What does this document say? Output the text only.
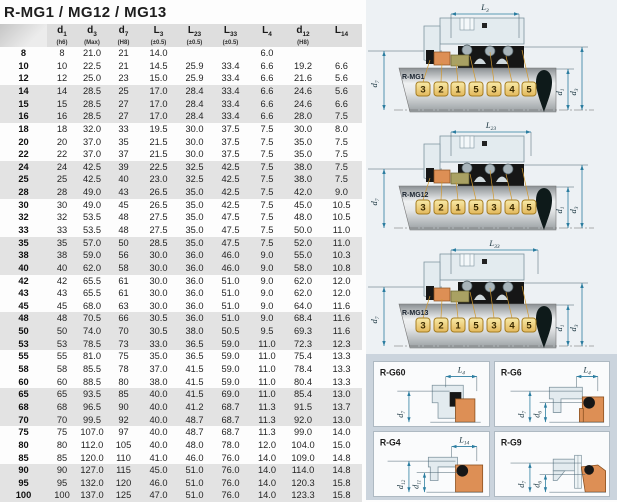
R-MG1 / MG12 / MG13

$d_1$
(h6)

$d_3$
(Max)

$d_7$
(H8)

$L_3$
(±0.5)

$L_{23}$
(±0.5)

$L_{33}$
(±0.5)

$L_4$	$d_{12}$
(H8)

$L_{14}$

8	8	21.0	21	14.0			6.0		
10	10	22.5	21	14.5	25.9	33.4	6.6	19.2	6.6
12	12	25.0	23	15.0	25.9	33.4	6.6	21.6	5.6
14	14	28.5	25	17.0	28.4	33.4	6.6	24.6	5.6
15	15	28.5	27	17.0	28.4	33.4	6.6	24.6	6.6
16	16	28.5	27	17.0	28.4	33.4	6.6	28.0	7.5
18	18	32.0	33	19.5	30.0	37.5	7.5	30.0	8.0
20	20	37.0	35	21.5	30.0	37.5	7.5	35.0	7.5
22	22	37.0	37	21.5	30.0	37.5	7.5	35.0	7.5
24	24	42.5	39	22.5	32.5	42.5	7.5	38.0	7.5
25	25	42.5	40	23.0	32.5	42.5	7.5	38.0	7.5
28	28	49.0	43	26.5	35.0	42.5	7.5	42.0	9.0
30	30	49.0	45	26.5	35.0	42.5	7.5	45.0	10.5
32	32	53.5	48	27.5	35.0	47.5	7.5	48.0	10.5
33	33	53.5	48	27.5	35.0	47.5	7.5	50.0	11.0
35	35	57.0	50	28.5	35.0	47.5	7.5	52.0	11.0
38	38	59.0	56	30.0	36.0	46.0	9.0	55.0	10.3
40	40	62.0	58	30.0	36.0	46.0	9.0	58.0	10.8
42	42	65.5	61	30.0	36.0	51.0	9.0	62.0	12.0
43	43	65.5	61	30.0	36.0	51.0	9.0	62.0	12.0
45	45	68.0	63	30.0	36.0	51.0	9.0	64.0	11.6
48	48	70.5	66	30.5	36.0	51.0	9.0	68.4	11.6
50	50	74.0	70	30.5	38.0	50.5	9.5	69.3	11.6
53	53	78.5	73	33.0	36.5	59.0	11.0	72.3	12.3
55	55	81.0	75	35.0	36.5	59.0	11.0	75.4	13.3
58	58	85.5	78	37.0	41.5	59.0	11.0	78.4	13.3
60	60	88.5	80	38.0	41.5	59.0	11.0	80.4	13.3
65	65	93.5	85	40.0	41.5	69.0	11.0	85.4	13.0
68	68	96.5	90	40.0	41.2	68.7	11.3	91.5	13.7
70	70	99.5	92	40.0	48.7	68.7	11.3	92.0	13.0
75	75	107.0	97	40.0	48.7	68.7	11.3	99.0	14.0
80	80	112.0	105	40.0	48.0	78.0	12.0	104.0	15.0
85	85	120.0	110	41.0	46.0	76.0	14.0	109.0	14.8
90	90	127.0	115	45.0	51.0	76.0	14.0	114.0	14.8
95	95	132.0	120	46.0	51.0	76.0	14.0	120.3	15.8
100	100	137.0	125	47.0	51.0	76.0	14.0	123.3	15.8
$L_3$
$d_7$
$d_1$
$d_3$
3 2 1 5 3 4 5
R-MG1
$L_{23}$
$d_7$
$d_1$
$d_3$
3 2 1 5 3 4 5
R-MG12
$L_{33}$
$d_7$
$d_1$
$d_3$
3 2 1 5 3 4 5
R-MG13
R-G60	$L_4$
$d_7$
R-G6	$L_4$
$d_7$
$d_6$
R-G4	$L_{14}$
$d_{12}$
$d_{11}$
R-G9
$d_7$
$d_6$
